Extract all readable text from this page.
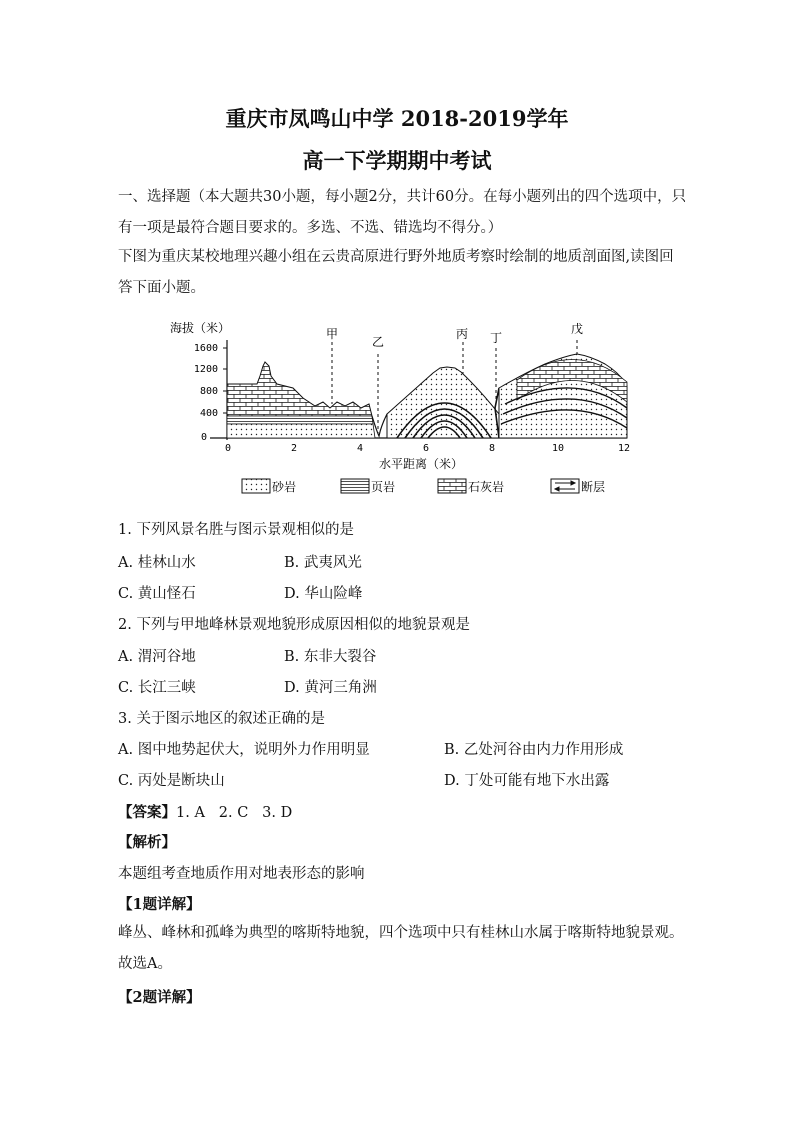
重庆市凤鸣山中学 2018-2019学年
高一下学期期中考试
一、选择题（本大题共30小题，每小题2分，共计60分。在每小题列出的四个选项中，只有一项是最符合题目要求的。多选、不选、错选均不得分。）
下图为重庆某校地理兴趣小组在云贵高原进行野外地质考察时绘制的地质剖面图,读图回答下面小题。
海拔（米）
1600
1200
800
400
0
甲
乙
丙 丁
戊
0	2	4	6	8	10	12
水平距离（米）
砂岩	页岩	石灰岩	断层
1. 下列风景名胜与图示景观相似的是
A. 桂林山水	B. 武夷风光
C. 黄山怪石	D. 华山险峰
2. 下列与甲地峰林景观地貌形成原因相似的地貌景观是
A. 渭河谷地	B. 东非大裂谷
C. 长江三峡	D. 黄河三角洲
3. 关于图示地区的叙述正确的是
A. 图中地势起伏大，说明外力作用明显	B. 乙处河谷由内力作用形成
C. 丙处是断块山	D. 丁处可能有地下水出露
【答案】1. A 2. C 3. D
【解析】
本题组考查地质作用对地表形态的影响
【1题详解】
峰丛、峰林和孤峰为典型的喀斯特地貌，四个选项中只有桂林山水属于喀斯特地貌景观。故选A。
【2题详解】
